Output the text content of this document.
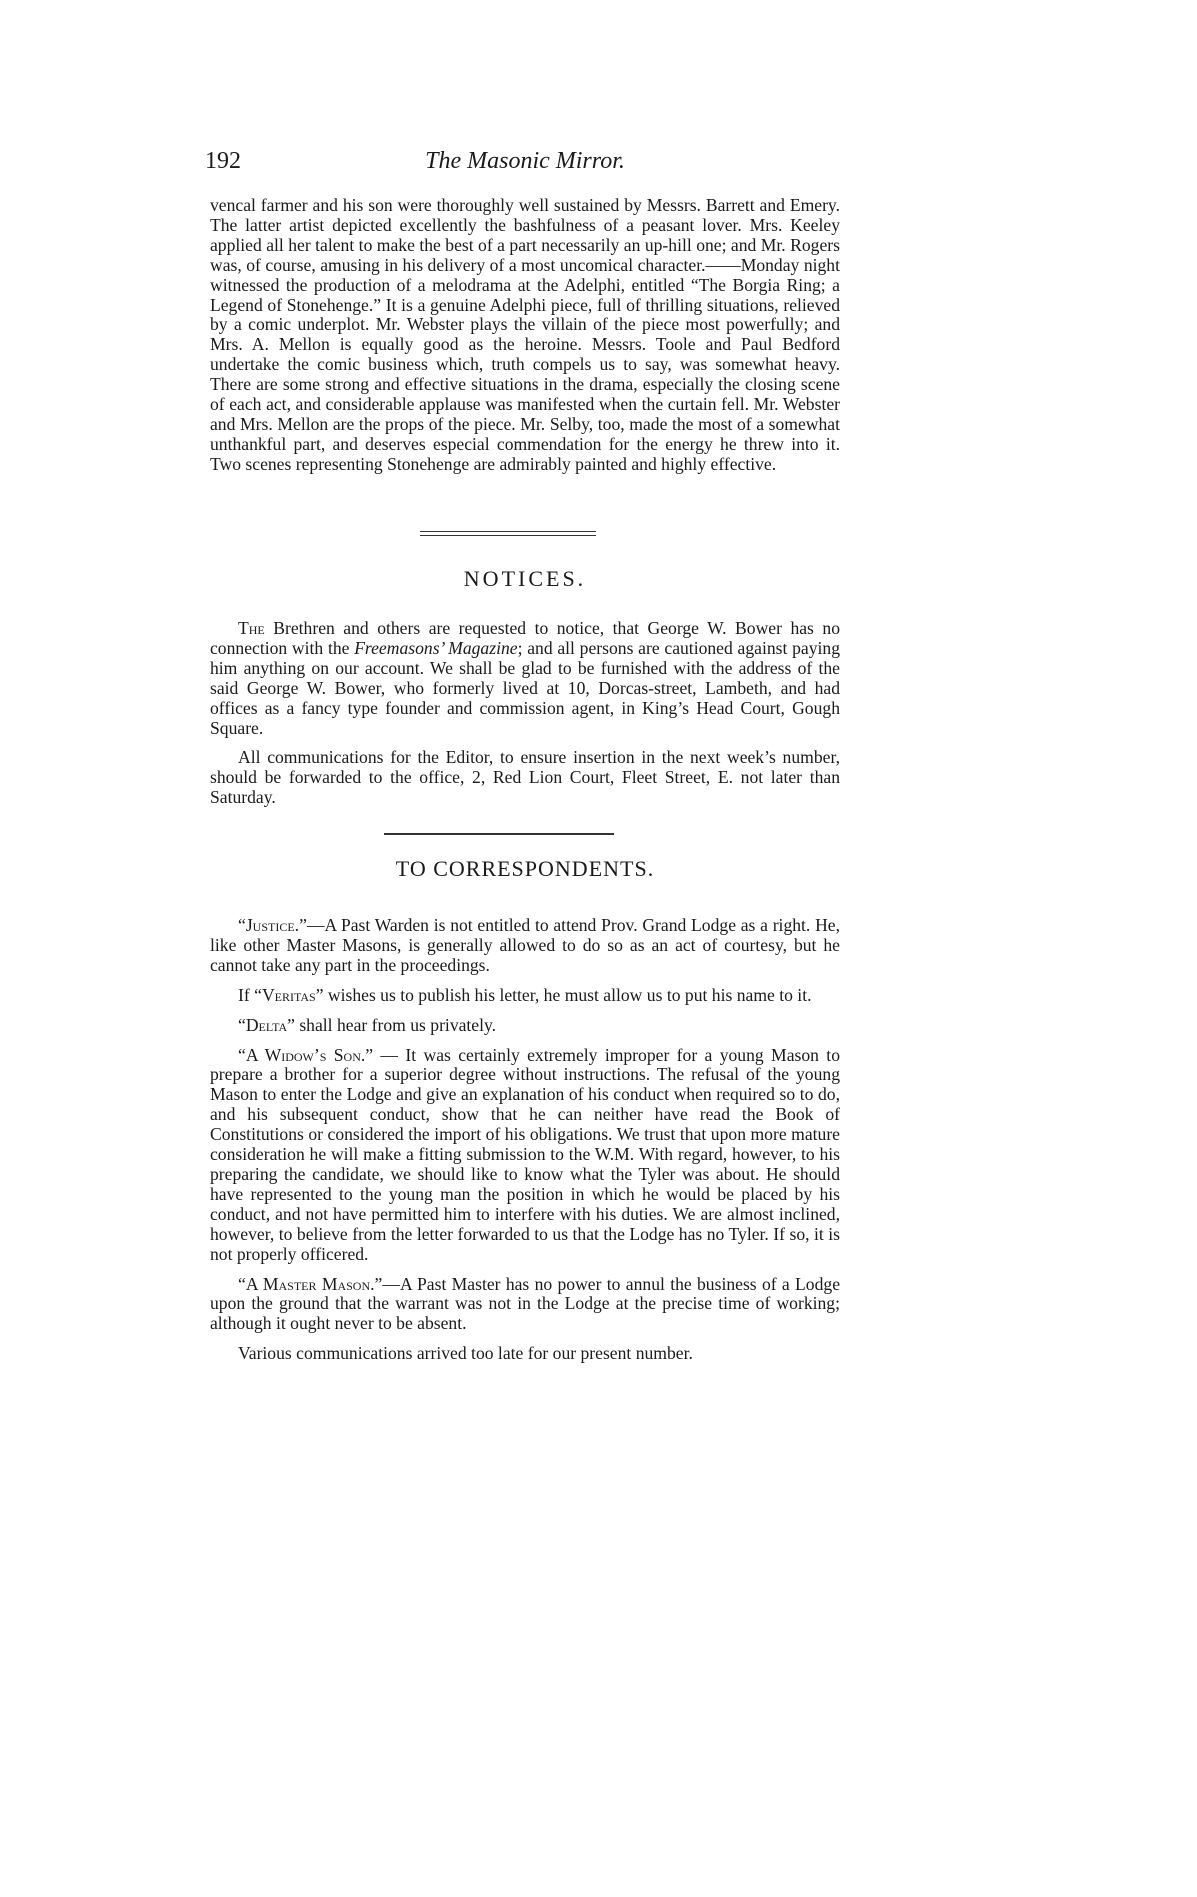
192	The Masonic Mirror.

vencal farmer and his son were thoroughly well sustained by Messrs. Barrett and Emery. The latter artist depicted excellently the bashfulness of a peasant lover. Mrs. Keeley applied all her talent to make the best of a part necessarily an up-hill one; and Mr. Rogers was, of course, amusing in his delivery of a most uncomical character.——Monday night witnessed the production of a melodrama at the Adelphi, entitled “The Borgia Ring; a Legend of Stonehenge.” It is a genuine Adelphi piece, full of thrilling situations, relieved by a comic underplot. Mr. Webster plays the villain of the piece most powerfully; and Mrs. A. Mellon is equally good as the heroine. Messrs. Toole and Paul Bedford undertake the comic business which, truth compels us to say, was somewhat heavy. There are some strong and effective situations in the drama, especially the closing scene of each act, and considerable applause was manifested when the curtain fell. Mr. Webster and Mrs. Mellon are the props of the piece. Mr. Selby, too, made the most of a somewhat unthankful part, and deserves especial commendation for the energy he threw into it. Two scenes representing Stonehenge are admirably painted and highly effective.

NOTICES.

The Brethren and others are requested to notice, that George W. Bower has no connection with the Freemasons’ Magazine; and all persons are cautioned against paying him anything on our account. We shall be glad to be furnished with the address of the said George W. Bower, who formerly lived at 10, Dorcas-street, Lambeth, and had offices as a fancy type founder and commission agent, in King’s Head Court, Gough Square.

All communications for the Editor, to ensure insertion in the next week’s number, should be forwarded to the office, 2, Red Lion Court, Fleet Street, E. not later than Saturday.

TO CORRESPONDENTS.

“Justice.”—A Past Warden is not entitled to attend Prov. Grand Lodge as a right. He, like other Master Masons, is generally allowed to do so as an act of courtesy, but he cannot take any part in the proceedings.

If “Veritas” wishes us to publish his letter, he must allow us to put his name to it.

“Delta” shall hear from us privately.

“A Widow’s Son.” — It was certainly extremely improper for a young Mason to prepare a brother for a superior degree without instructions. The refusal of the young Mason to enter the Lodge and give an explanation of his conduct when required so to do, and his subsequent conduct, show that he can neither have read the Book of Constitutions or considered the import of his obligations. We trust that upon more mature consideration he will make a fitting submission to the W.M. With regard, however, to his preparing the candidate, we should like to know what the Tyler was about. He should have represented to the young man the position in which he would be placed by his conduct, and not have permitted him to interfere with his duties. We are almost inclined, however, to believe from the letter forwarded to us that the Lodge has no Tyler. If so, it is not properly officered.

“A Master Mason.”—A Past Master has no power to annul the business of a Lodge upon the ground that the warrant was not in the Lodge at the precise time of working; although it ought never to be absent.

Various communications arrived too late for our present number.
